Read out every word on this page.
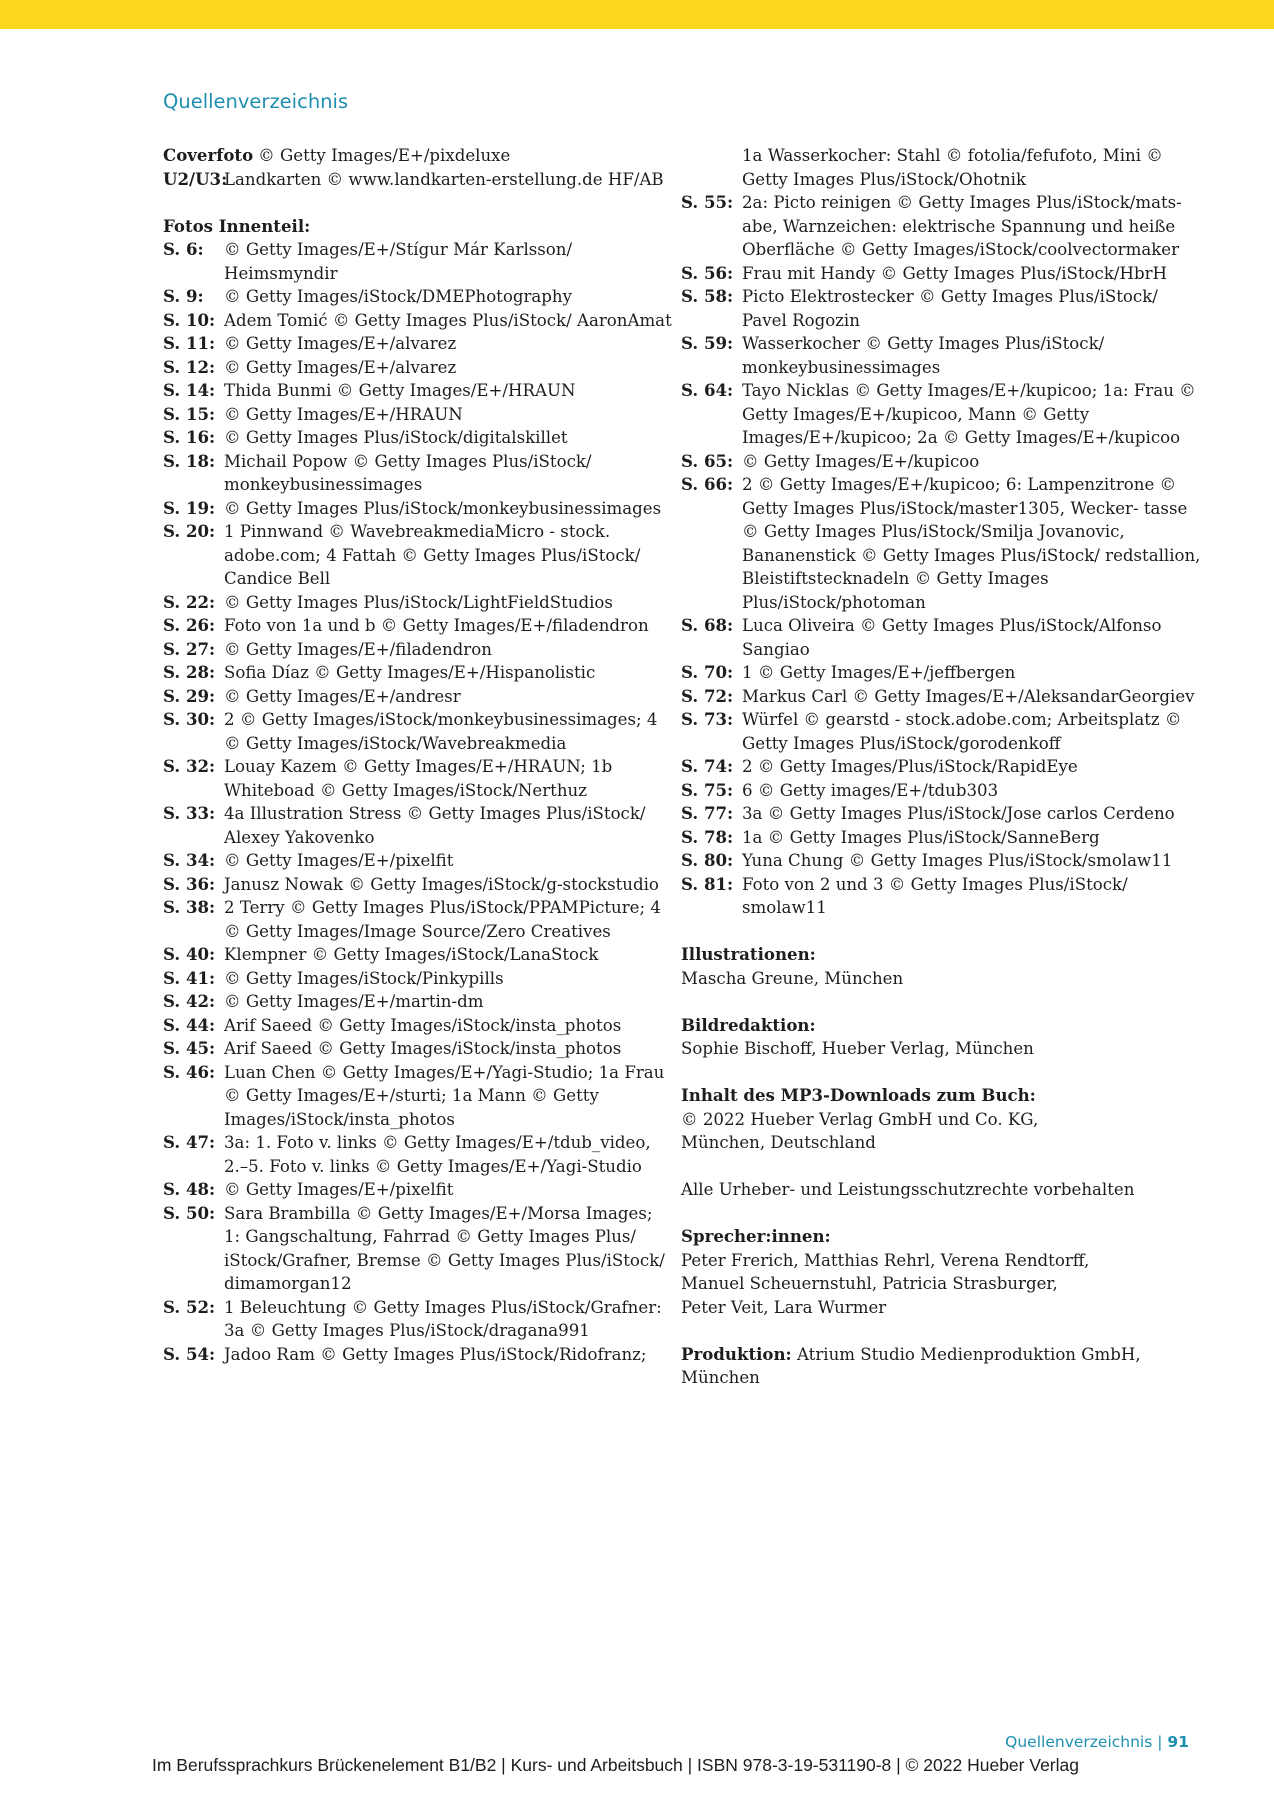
Quellenverzeichnis
Coverfoto © Getty Images/E+/pixdeluxe
U2/U3:
Landkarten © www.landkarten-erstellung.de HF/AB
Fotos Innenteil:
S. 6:	© Getty Images/E+/Stígur Már Karlsson/ Heimsmyndir
S. 9:	© Getty Images/iStock/DMEPhotography
S. 10: Adem Tomić © Getty Images Plus/iStock/ AaronAmat
S. 11: © Getty Images/E+/alvarez
S. 12: © Getty Images/E+/alvarez
S. 14: Thida Bunmi © Getty Images/E+/HRAUN
S. 15: © Getty Images/E+/HRAUN
S. 16: © Getty Images Plus/iStock/digitalskillet
S. 18: Michail Popow © Getty Images Plus/iStock/ monkeybusinessimages
S. 19: © Getty Images Plus/iStock/monkeybusinessimages
S. 20: 1 Pinnwand © WavebreakmediaMicro - stock. adobe.com; 4 Fattah © Getty Images Plus/iStock/ Candice Bell
S. 22: © Getty Images Plus/iStock/LightFieldStudios
S. 26: Foto von 1a und b © Getty Images/E+/filadendron
S. 27: © Getty Images/E+/filadendron
S. 28: Sofia Díaz © Getty Images/E+/Hispanolistic
S. 29: © Getty Images/E+/andresr
S. 30: 2 © Getty Images/iStock/monkeybusinessimages; 4 © Getty Images/iStock/Wavebreakmedia
S. 32: Louay Kazem © Getty Images/E+/HRAUN; 1b Whiteboad © Getty Images/iStock/Nerthuz
S. 33: 4a Illustration Stress © Getty Images Plus/iStock/ Alexey Yakovenko
S. 34: © Getty Images/E+/pixelfit
S. 36: Janusz Nowak © Getty Images/iStock/g-stockstudio
S. 38: 2 Terry © Getty Images Plus/iStock/PPAMPicture; 4 © Getty Images/Image Source/Zero Creatives
S. 40: Klempner © Getty Images/iStock/LanaStock
S. 41: © Getty Images/iStock/Pinkypills
S. 42: © Getty Images/E+/martin-dm
S. 44: Arif Saeed © Getty Images/iStock/insta_photos
S. 45: Arif Saeed © Getty Images/iStock/insta_photos
S. 46: Luan Chen © Getty Images/E+/Yagi-Studio; 1a Frau © Getty Images/E+/sturti; 1a Mann © Getty Images/iStock/insta_photos
S. 47: 3a: 1. Foto v. links © Getty Images/E+/tdub_video, 2.–5. Foto v. links © Getty Images/E+/Yagi-Studio
S. 48: © Getty Images/E+/pixelfit
S. 50: Sara Brambilla © Getty Images/E+/Morsa Images; 1: Gangschaltung, Fahrrad © Getty Images Plus/ iStock/Grafner, Bremse © Getty Images Plus/iStock/ dimamorgan12
S. 52: 1 Beleuchtung © Getty Images Plus/iStock/Grafner: 3a © Getty Images Plus/iStock/dragana991
S. 54: Jadoo Ram © Getty Images Plus/iStock/Ridofranz;
1a Wasserkocher: Stahl © fotolia/fefufoto, Mini © Getty Images Plus/iStock/Ohotnik
S. 55: 2a: Picto reinigen © Getty Images Plus/iStock/mats- abe, Warnzeichen: elektrische Spannung und heiße Oberfläche © Getty Images/iStock/coolvectormaker
S. 56: Frau mit Handy © Getty Images Plus/iStock/HbrH
S. 58: Picto Elektrostecker © Getty Images Plus/iStock/ Pavel Rogozin
S. 59: Wasserkocher © Getty Images Plus/iStock/ monkeybusinessimages
S. 64: Tayo Nicklas © Getty Images/E+/kupicoo; 1a: Frau © Getty Images/E+/kupicoo, Mann © Getty Images/E+/kupicoo; 2a © Getty Images/E+/kupicoo
S. 65: © Getty Images/E+/kupicoo
S. 66: 2 © Getty Images/E+/kupicoo; 6: Lampenzitrone © Getty Images Plus/iStock/master1305, Wecker- tasse © Getty Images Plus/iStock/Smilja Jovanovic, Bananenstick © Getty Images Plus/iStock/ redstallion, Bleistiftstecknadeln © Getty Images Plus/iStock/photoman
S. 68: Luca Oliveira © Getty Images Plus/iStock/Alfonso Sangiao
S. 70: 1 © Getty Images/E+/jeffbergen
S. 72: Markus Carl © Getty Images/E+/AleksandarGeorgiev
S. 73: Würfel © gearstd - stock.adobe.com; Arbeitsplatz © Getty Images Plus/iStock/gorodenkoff
S. 74: 2 © Getty Images/Plus/iStock/RapidEye
S. 75: 6 © Getty images/E+/tdub303
S. 77: 3a © Getty Images Plus/iStock/Jose carlos Cerdeno
S. 78: 1a © Getty Images Plus/iStock/SanneBerg
S. 80: Yuna Chung © Getty Images Plus/iStock/smolaw11
S. 81: Foto von 2 und 3 © Getty Images Plus/iStock/ smolaw11
Illustrationen:
Mascha Greune, München
Bildredaktion:
Sophie Bischoff, Hueber Verlag, München
Inhalt des MP3-Downloads zum Buch:
© 2022 Hueber Verlag GmbH und Co. KG,
München, Deutschland
Alle Urheber- und Leistungsschutzrechte vorbehalten
Sprecher:innen:
Peter Frerich, Matthias Rehrl, Verena Rendtorff,
Manuel Scheuernstuhl, Patricia Strasburger,
Peter Veit, Lara Wurmer
Produktion: Atrium Studio Medienproduktion GmbH, München
Quellenverzeichnis | 91
Im Berufssprachkurs Brückenelement B1/B2 | Kurs- und Arbeitsbuch | ISBN 978-3-19-531190-8 | © 2022 Hueber Verlag
